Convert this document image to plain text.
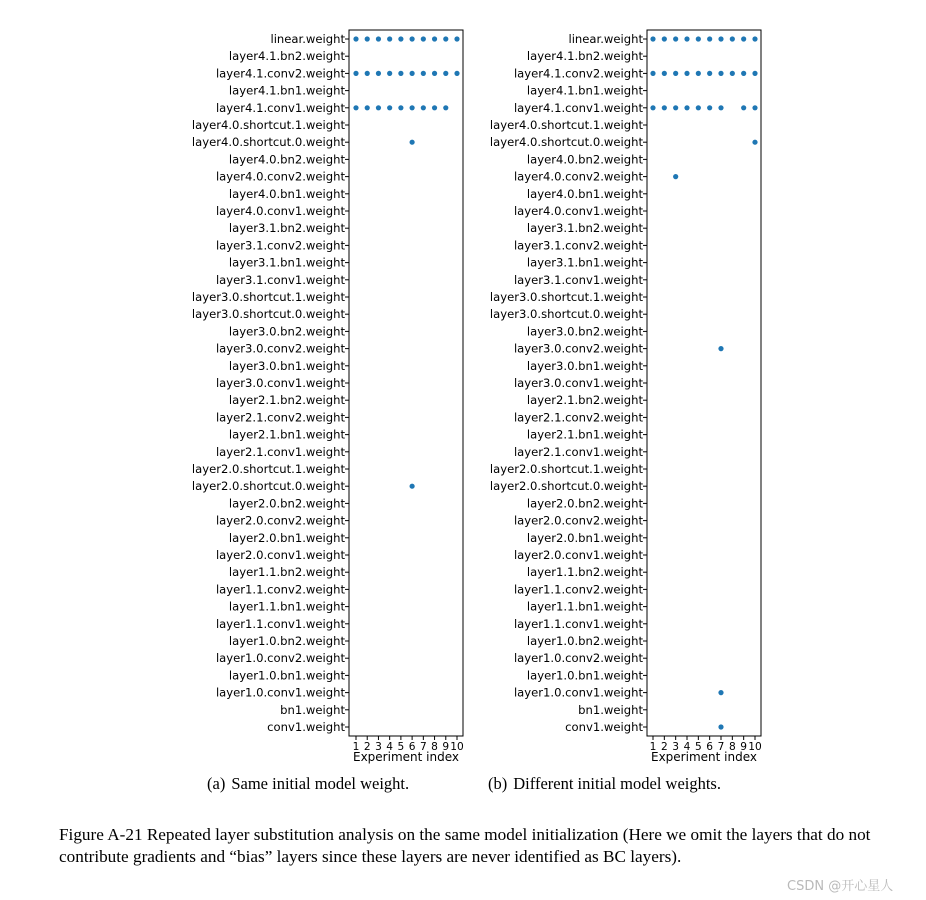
linear.weight
layer4.1.bn2.weight
layer4.1.conv2.weight
layer4.1.bn1.weight
layer4.1.conv1.weight
layer4.0.shortcut.1.weight
layer4.0.shortcut.0.weight
layer4.0.bn2.weight
layer4.0.conv2.weight
layer4.0.bn1.weight
layer4.0.conv1.weight
layer3.1.bn2.weight
layer3.1.conv2.weight
layer3.1.bn1.weight
layer3.1.conv1.weight
layer3.0.shortcut.1.weight
layer3.0.shortcut.0.weight
layer3.0.bn2.weight
layer3.0.conv2.weight
layer3.0.bn1.weight
layer3.0.conv1.weight
layer2.1.bn2.weight
layer2.1.conv2.weight
layer2.1.bn1.weight
layer2.1.conv1.weight
layer2.0.shortcut.1.weight
layer2.0.shortcut.0.weight
layer2.0.bn2.weight
layer2.0.conv2.weight
layer2.0.bn1.weight
layer2.0.conv1.weight
layer1.1.bn2.weight
layer1.1.conv2.weight
layer1.1.bn1.weight
layer1.1.conv1.weight
layer1.0.bn2.weight
layer1.0.conv2.weight
layer1.0.bn1.weight
layer1.0.conv1.weight
bn1.weight
conv1.weight
1 2 3 4 5 6 7 8 9 10
Experiment index
linear.weight
layer4.1.bn2.weight
layer4.1.conv2.weight
layer4.1.bn1.weight
layer4.1.conv1.weight
layer4.0.shortcut.1.weight
layer4.0.shortcut.0.weight
layer4.0.bn2.weight
layer4.0.conv2.weight
layer4.0.bn1.weight
layer4.0.conv1.weight
layer3.1.bn2.weight
layer3.1.conv2.weight
layer3.1.bn1.weight
layer3.1.conv1.weight
layer3.0.shortcut.1.weight
layer3.0.shortcut.0.weight
layer3.0.bn2.weight
layer3.0.conv2.weight
layer3.0.bn1.weight
layer3.0.conv1.weight
layer2.1.bn2.weight
layer2.1.conv2.weight
layer2.1.bn1.weight
layer2.1.conv1.weight
layer2.0.shortcut.1.weight
layer2.0.shortcut.0.weight
layer2.0.bn2.weight
layer2.0.conv2.weight
layer2.0.bn1.weight
layer2.0.conv1.weight
layer1.1.bn2.weight
layer1.1.conv2.weight
layer1.1.bn1.weight
layer1.1.conv1.weight
layer1.0.bn2.weight
layer1.0.conv2.weight
layer1.0.bn1.weight
layer1.0.conv1.weight
bn1.weight
conv1.weight
1 2 3 4 5 6 7 8 9 10
Experiment index
(a) Same initial model weight.	(b) Different initial model weights.
Figure A-21 Repeated layer substitution analysis on the same model initialization (Here we omit the layers that do not contribute gradients and “bias” layers since these layers are never identified as BC layers).
CSDN @开心星人
